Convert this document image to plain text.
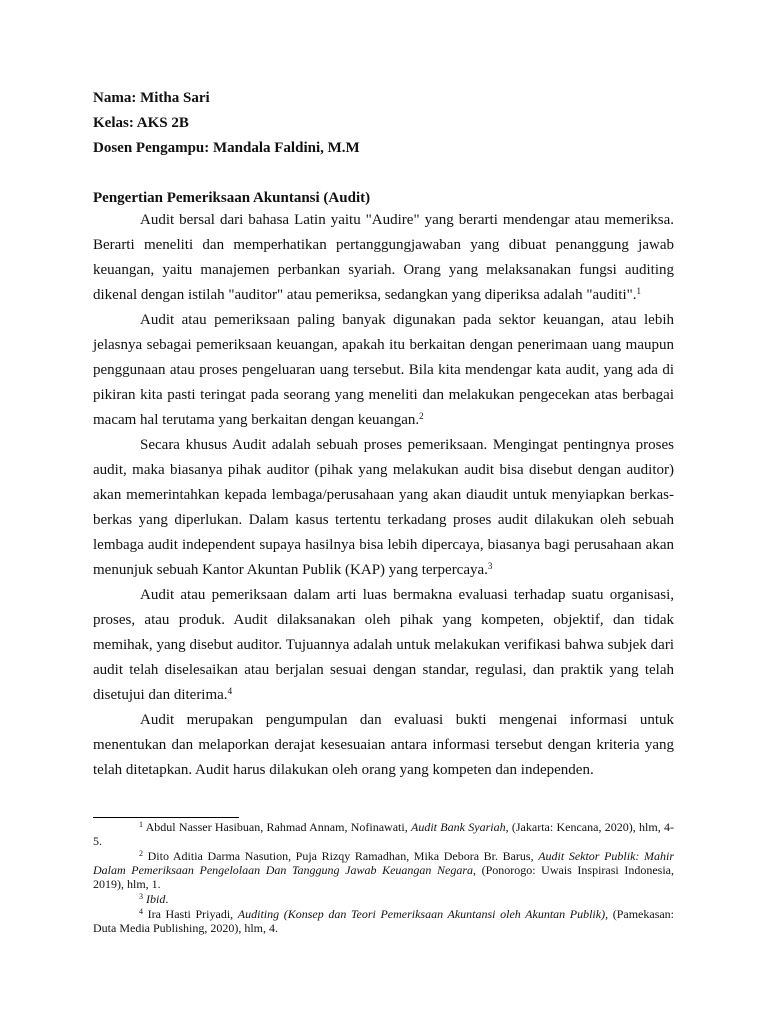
Nama: Mitha Sari
Kelas: AKS 2B
Dosen Pengampu: Mandala Faldini, M.M
Pengertian Pemeriksaan Akuntansi (Audit)

Audit bersal dari bahasa Latin yaitu "Audire" yang berarti mendengar atau memeriksa. Berarti meneliti dan memperhatikan pertanggungjawaban yang dibuat penanggung jawab keuangan, yaitu manajemen perbankan syariah. Orang yang melaksanakan fungsi auditing dikenal dengan istilah "auditor" atau pemeriksa, sedangkan yang diperiksa adalah "auditi".$^1$

Audit atau pemeriksaan paling banyak digunakan pada sektor keuangan, atau lebih jelasnya sebagai pemeriksaan keuangan, apakah itu berkaitan dengan penerimaan uang maupun penggunaan atau proses pengeluaran uang tersebut. Bila kita mendengar kata audit, yang ada di pikiran kita pasti teringat pada seorang yang meneliti dan melakukan pengecekan atas berbagai macam hal terutama yang berkaitan dengan keuangan.$^2$

Secara khusus Audit adalah sebuah proses pemeriksaan. Mengingat pentingnya proses audit, maka biasanya pihak auditor (pihak yang melakukan audit bisa disebut dengan auditor) akan memerintahkan kepada lembaga/perusahaan yang akan diaudit untuk menyiapkan berkas-berkas yang diperlukan. Dalam kasus tertentu terkadang proses audit dilakukan oleh sebuah lembaga audit independent supaya hasilnya bisa lebih dipercaya, biasanya bagi perusahaan akan menunjuk sebuah Kantor Akuntan Publik (KAP) yang terpercaya.$^3$

Audit atau pemeriksaan dalam arti luas bermakna evaluasi terhadap suatu organisasi, proses, atau produk. Audit dilaksanakan oleh pihak yang kompeten, objektif, dan tidak memihak, yang disebut auditor. Tujuannya adalah untuk melakukan verifikasi bahwa subjek dari audit telah diselesaikan atau berjalan sesuai dengan standar, regulasi, dan praktik yang telah disetujui dan diterima.$^4$

Audit merupakan pengumpulan dan evaluasi bukti mengenai informasi untuk menentukan dan melaporkan derajat kesesuaian antara informasi tersebut dengan kriteria yang telah ditetapkan. Audit harus dilakukan oleh orang yang kompeten dan independen.

$^1$ Abdul Nasser Hasibuan, Rahmad Annam, Nofinawati, Audit Bank Syariah, (Jakarta: Kencana, 2020), hlm, 4-5.

$^2$ Dito Aditia Darma Nasution, Puja Rizqy Ramadhan, Mika Debora Br. Barus, Audit Sektor Publik: Mahir Dalam Pemeriksaan Pengelolaan Dan Tanggung Jawab Keuangan Negara, (Ponorogo: Uwais Inspirasi Indonesia, 2019), hlm, 1.

$^3$ Ibid.

$^4$ Ira Hasti Priyadi, Auditing (Konsep dan Teori Pemeriksaan Akuntansi oleh Akuntan Publik), (Pamekasan: Duta Media Publishing, 2020), hlm, 4.
